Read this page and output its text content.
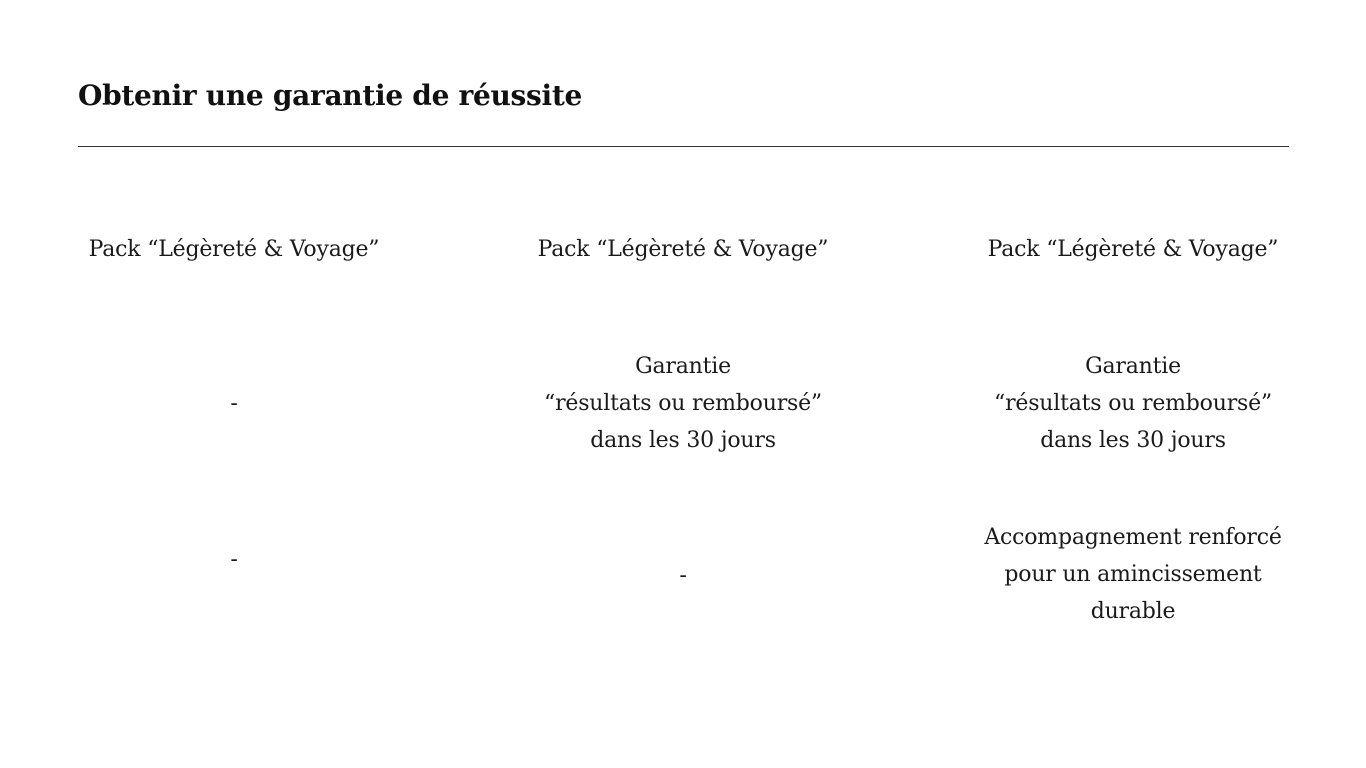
Obtenir une garantie de réussite
Pack “Légèreté & Voyage”	Pack “Légèreté & Voyage”	Pack “Légèreté & Voyage”
-
Garantie
“résultats ou remboursé”
dans les 30 jours
Garantie
“résultats ou remboursé”
dans les 30 jours
-
-
Accompagnement renforcé
pour un amincissement
durable
